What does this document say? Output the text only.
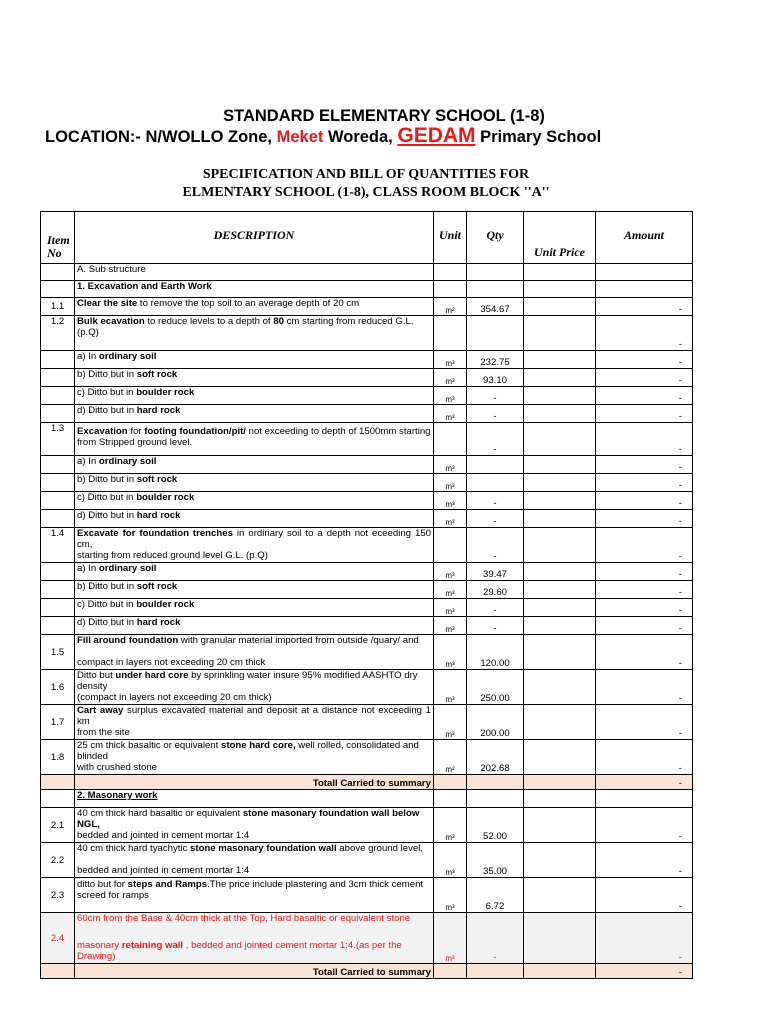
STANDARD ELEMENTARY SCHOOL (1-8)
LOCATION:- N/WOLLO Zone, Meket Woreda, GEDAM Primary School
SPECIFICATION AND BILL OF QUANTITIES FOR
ELMENTARY SCHOOL (1-8), CLASS ROOM BLOCK ''A''
Item
No	DESCRIPTION	Unit	Qty	Unit Price	Amount
	A. Sub structure				
	1. Excavation and Earth Work				
1.1	Clear the site to remove the top soil to an average depth of 20 cm	m²	354.67		-
1.2	Bulk ecavation to reduce levels to a depth of 80 cm starting from reduced G.L. (p.Q)				-
	a) In ordinary soil	m³	232.75		-
	b) Ditto but in soft rock	m³	93.10		-
	c) Ditto but in boulder rock	m³	-		-
	d) Ditto but in hard rock	m³	-		-
1.3	Excavation for footing foundation/pit/ not exceeding to depth of 1500mm starting from Stripped ground level.		-		-
	a) In ordinary soil	m³			-
	b) Ditto but in soft rock	m³			-
	c) Ditto but in boulder rock	m³	-		-
	d) Ditto but in hard rock	m³	-		-
1.4	Excavate for foundation trenches in ordinary soil to a depth not eceeding 150 cm,
starting from reduced ground level G.L. (p.Q)		-		-
	a) In ordinary soil	m³	39.47		-
	b) Ditto but in soft rock	m³	29.60		-
	c) Ditto but in boulder rock	m³	-		-
	d) Ditto but in hard rock	m³	-		-
1.5	Fill around foundation with granular material imported from outside /quary/ and
compact in layers not exceeding 20 cm thick	m³	120.00		-
1.6	Ditto but under hard core by sprinkling water insure 95% modified AASHTO dry density
(compact in layers not exceeding 20 cm thick)	m³	250.00		-
1.7	Cart away surplus excavated material and deposit at a distance not exceeding 1 km
from the site	m³	200.00		-
1.8	25 cm thick basaltic or equivalent stone hard core, well rolled, consolidated and blinded
with crushed stone	m²	202.68		-
	Totall Carried to summary				-
	2. Masonary work				
2.1	40 cm thick hard basaltic or equivalent stone masonary foundation wall below NGL,
bedded and jointed in cement mortar 1:4	m³	52.00		-
2.2	40 cm thick hard tyachytic stone masonary foundation wall above ground level,
bedded and jointed in cement mortar 1:4	m³	35.00		-
2.3	ditto but for steps and Ramps.The price include plastering and 3cm thick cement screed for ramps	m³	6.72		-
2.4	60cm from the Base & 40cm thick at the Top, Hard basaltic or equivalent stone
masonary retaining wall , bedded and jointed cement mortar 1:4.(as per the Drawing)	m³	-		-
	Totall Carried to summary				-
